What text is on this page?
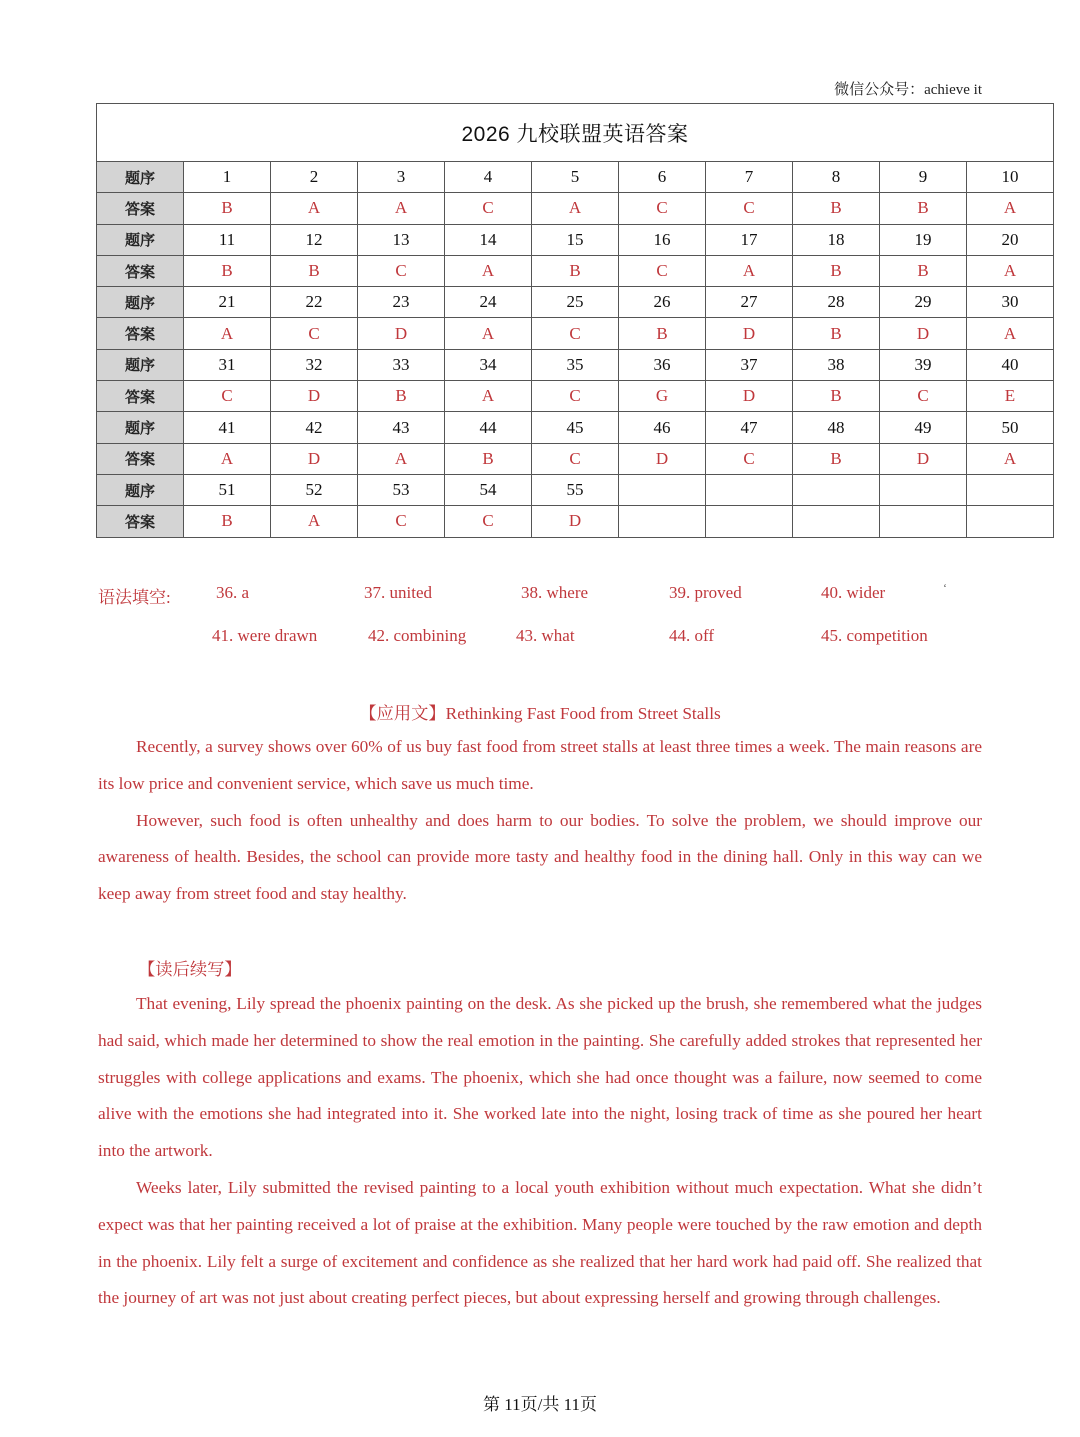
微信公众号：achieve it
2026 九校联盟英语答案										
题序	1	2	3	4	5	6	7	8	9	10
答案	B	A	A	C	A	C	C	B	B	A
题序	11	12	13	14	15	16	17	18	19	20
答案	B	B	C	A	B	C	A	B	B	A
题序	21	22	23	24	25	26	27	28	29	30
答案	A	C	D	A	C	B	D	B	D	A
题序	31	32	33	34	35	36	37	38	39	40
答案	C	D	B	A	C	G	D	B	C	E
题序	41	42	43	44	45	46	47	48	49	50
答案	A	D	A	B	C	D	C	B	D	A
题序	51	52	53	54	55					
答案	B	A	C	C	D					
语法填空:	36. a	37. united	38. where	39. proved	40. wider	‘
41. were drawn	42. combining	43. what	44. off	45. competition
【应用文】Rethinking Fast Food from Street Stalls

Recently, a survey shows over 60% of us buy fast food from street stalls at least three times a week. The main reasons are its low price and convenient service, which save us much time.

However, such food is often unhealthy and does harm to our bodies. To solve the problem, we should improve our awareness of health. Besides, the school can provide more tasty and healthy food in the dining hall. Only in this way can we keep away from street food and stay healthy.

【读后续写】

That evening, Lily spread the phoenix painting on the desk. As she picked up the brush, she remembered what the judges had said, which made her determined to show the real emotion in the painting. She carefully added strokes that represented her struggles with college applications and exams. The phoenix, which she had once thought was a failure, now seemed to come alive with the emotions she had integrated into it. She worked late into the night, losing track of time as she poured her heart into the artwork.

Weeks later, Lily submitted the revised painting to a local youth exhibition without much expectation. What she didn’t expect was that her painting received a lot of praise at the exhibition. Many people were touched by the raw emotion and depth in the phoenix. Lily felt a surge of excitement and confidence as she realized that her hard work had paid off. She realized that the journey of art was not just about creating perfect pieces, but about expressing herself and growing through challenges.

第 11页/共 11页
